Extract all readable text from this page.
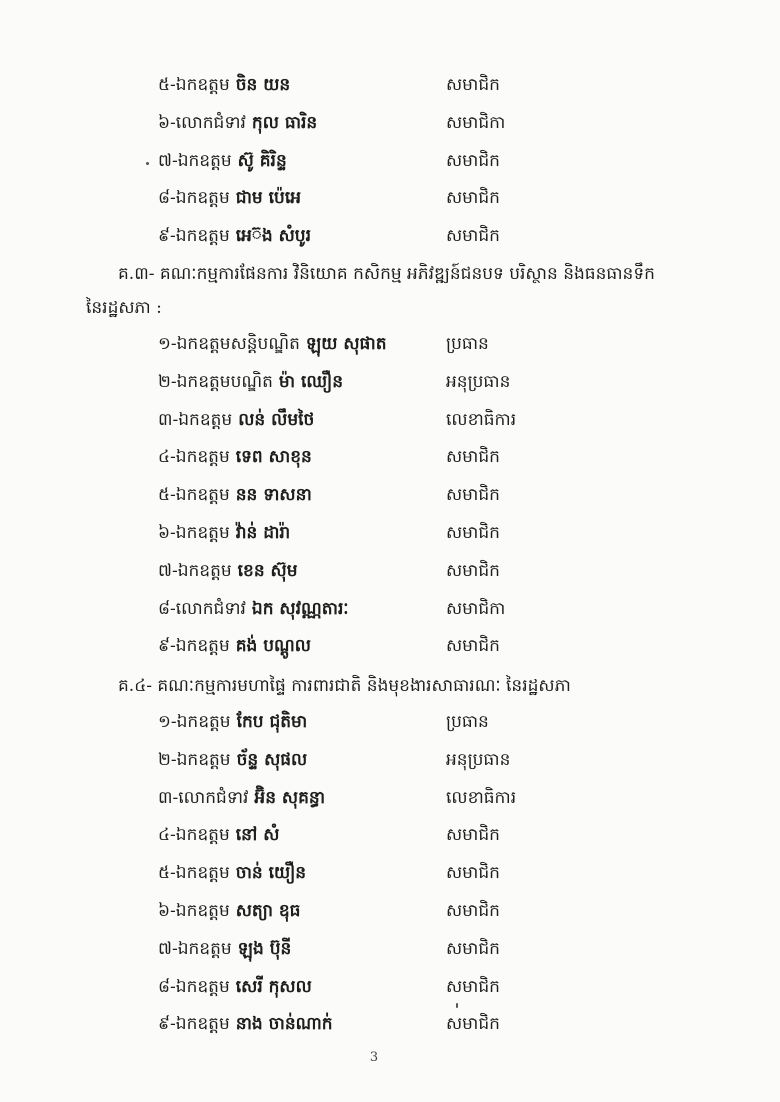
៥-ឯកឧត្តម ចិន យន	សមាជិក
៦-លោកជំទាវ កុល ធារិន	សមាជិកា
៧-ឯកឧត្តម ស៊ូ គិរិន្ទ	សមាជិក
៨-ឯកឧត្តម ជាម ប៉េអេ	សមាជិក
៩-ឯកឧត្តម អេ៊ង សំបូរ	សមាជិក
គ.៣- គណៈកម្មការផែនការ វិនិយោគ កសិកម្ម អភិវឌ្ឍន៍ជនបទ បរិស្ថាន និងធនធានទឹក
នៃរដ្ឋសភា :
១-ឯកឧត្តមសន្តិបណ្ឌិត ឡុយ សុផាត	ប្រធាន
២-ឯកឧត្តមបណ្ឌិត ម៉ា ឈឿន	អនុប្រធាន
៣-ឯកឧត្តម លន់ លឹមថៃ	លេខាធិការ
៤-ឯកឧត្តម ទេព សាខុន	សមាជិក
៥-ឯកឧត្តម នន ទាសនា	សមាជិក
៦-ឯកឧត្តម វ៉ាន់ ដារ៉ា	សមាជិក
៧-ឯកឧត្តម ខេន ស៊ុម	សមាជិក
៨-លោកជំទាវ ឯក សុវណ្ណតារៈ	សមាជិកា
៩-ឯកឧត្តម គង់ បណ្ដូល	សមាជិក
គ.៤- គណៈកម្មការមហាផ្ទៃ ការពារជាតិ និងមុខងារសាធារណៈ នៃរដ្ឋសភា
១-ឯកឧត្តម កែប ជុតិមា	ប្រធាន
២-ឯកឧត្តម ច័ន្ទ សុផល	អនុប្រធាន
៣-លោកជំទាវ អ៊ិន សុគន្ធា	លេខាធិការ
៤-ឯកឧត្តម នៅ សំ	សមាជិក
៥-ឯកឧត្តម ចាន់ យឿន	សមាជិក
៦-ឯកឧត្តម សត្យា ឧុធ	សមាជិក
៧-ឯកឧត្តម ឡុង ប៊ុនី	សមាជិក
៨-ឯកឧត្តម សេរី កុសល	សមាជិក
៩-ឯកឧត្តម នាង ចាន់ណាក់	សមាជិក
3
